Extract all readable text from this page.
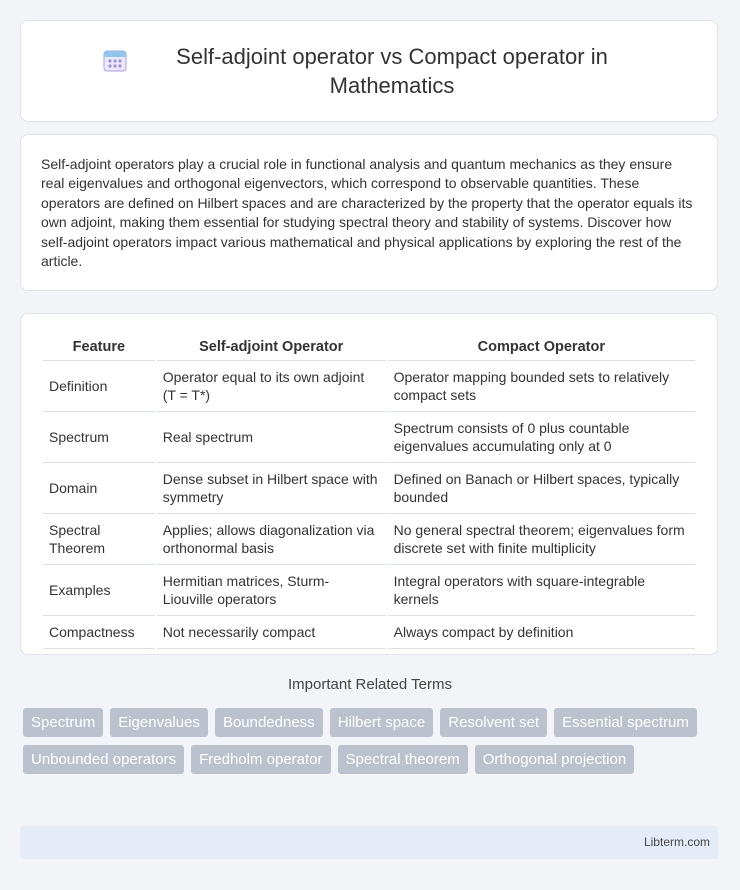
Self-adjoint operator vs Compact operator in Mathematics

Self-adjoint operators play a crucial role in functional analysis and quantum mechanics as they ensure real eigenvalues and orthogonal eigenvectors, which correspond to observable quantities. These operators are defined on Hilbert spaces and are characterized by the property that the operator equals its own adjoint, making them essential for studying spectral theory and stability of systems. Discover how self-adjoint operators impact various mathematical and physical applications by exploring the rest of the article.

Feature	Self-adjoint Operator	Compact Operator
Definition	Operator equal to its own adjoint (T = T*)	Operator mapping bounded sets to relatively compact sets
Spectrum	Real spectrum	Spectrum consists of 0 plus countable eigenvalues accumulating only at 0
Domain	Dense subset in Hilbert space with symmetry	Defined on Banach or Hilbert spaces, typically bounded
Spectral Theorem	Applies; allows diagonalization via orthonormal basis	No general spectral theorem; eigenvalues form discrete set with finite multiplicity
Examples	Hermitian matrices, Sturm-Liouville operators	Integral operators with square-integrable kernels
Compactness	Not necessarily compact	Always compact by definition
Important Related Terms
Spectrum	Eigenvalues	Boundedness	Hilbert space	Resolvent set	Essential spectrum
Unbounded operators	Fredholm operator	Spectral theorem	Orthogonal projection
Libterm.com
